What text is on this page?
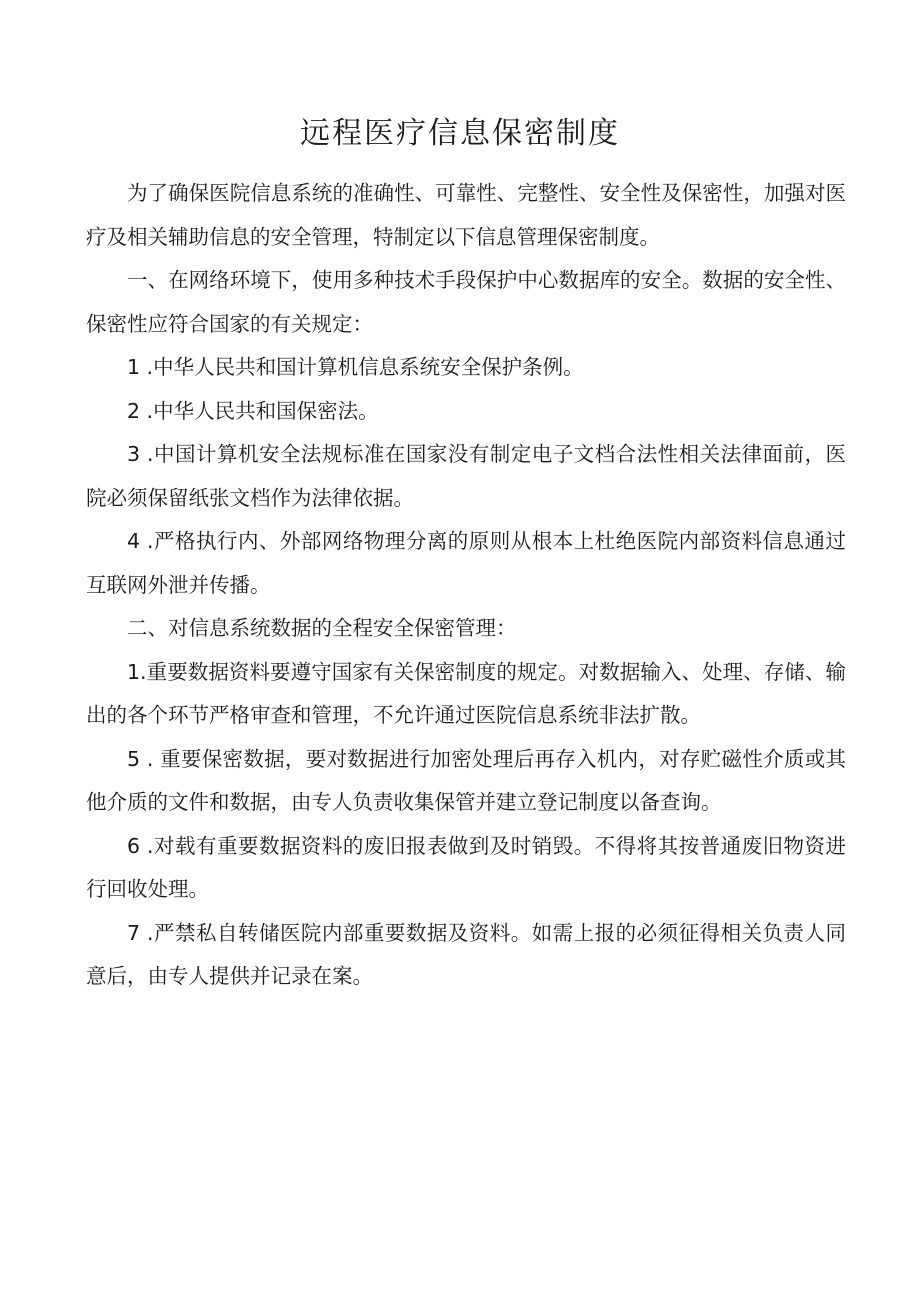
远程医疗信息保密制度

为了确保医院信息系统的准确性、可靠性、完整性、安全性及保密性，加强对医疗及相关辅助信息的安全管理，特制定以下信息管理保密制度。

一、在网络环境下，使用多种技术手段保护中心数据库的安全。数据的安全性、保密性应符合国家的有关规定：

1 .中华人民共和国计算机信息系统安全保护条例。

2 .中华人民共和国保密法。

3 .中国计算机安全法规标准在国家没有制定电子文档合法性相关法律面前，医院必须保留纸张文档作为法律依据。

4 .严格执行内、外部网络物理分离的原则从根本上杜绝医院内部资料信息通过互联网外泄并传播。

二、对信息系统数据的全程安全保密管理：

1.重要数据资料要遵守国家有关保密制度的规定。对数据输入、处理、存储、输出的各个环节严格审查和管理，不允许通过医院信息系统非法扩散。

5 . 重要保密数据，要对数据进行加密处理后再存入机内，对存贮磁性介质或其他介质的文件和数据，由专人负责收集保管并建立登记制度以备查询。

6 .对载有重要数据资料的废旧报表做到及时销毁。不得将其按普通废旧物资进行回收处理。

7 .严禁私自转储医院内部重要数据及资料。如需上报的必须征得相关负责人同意后，由专人提供并记录在案。
